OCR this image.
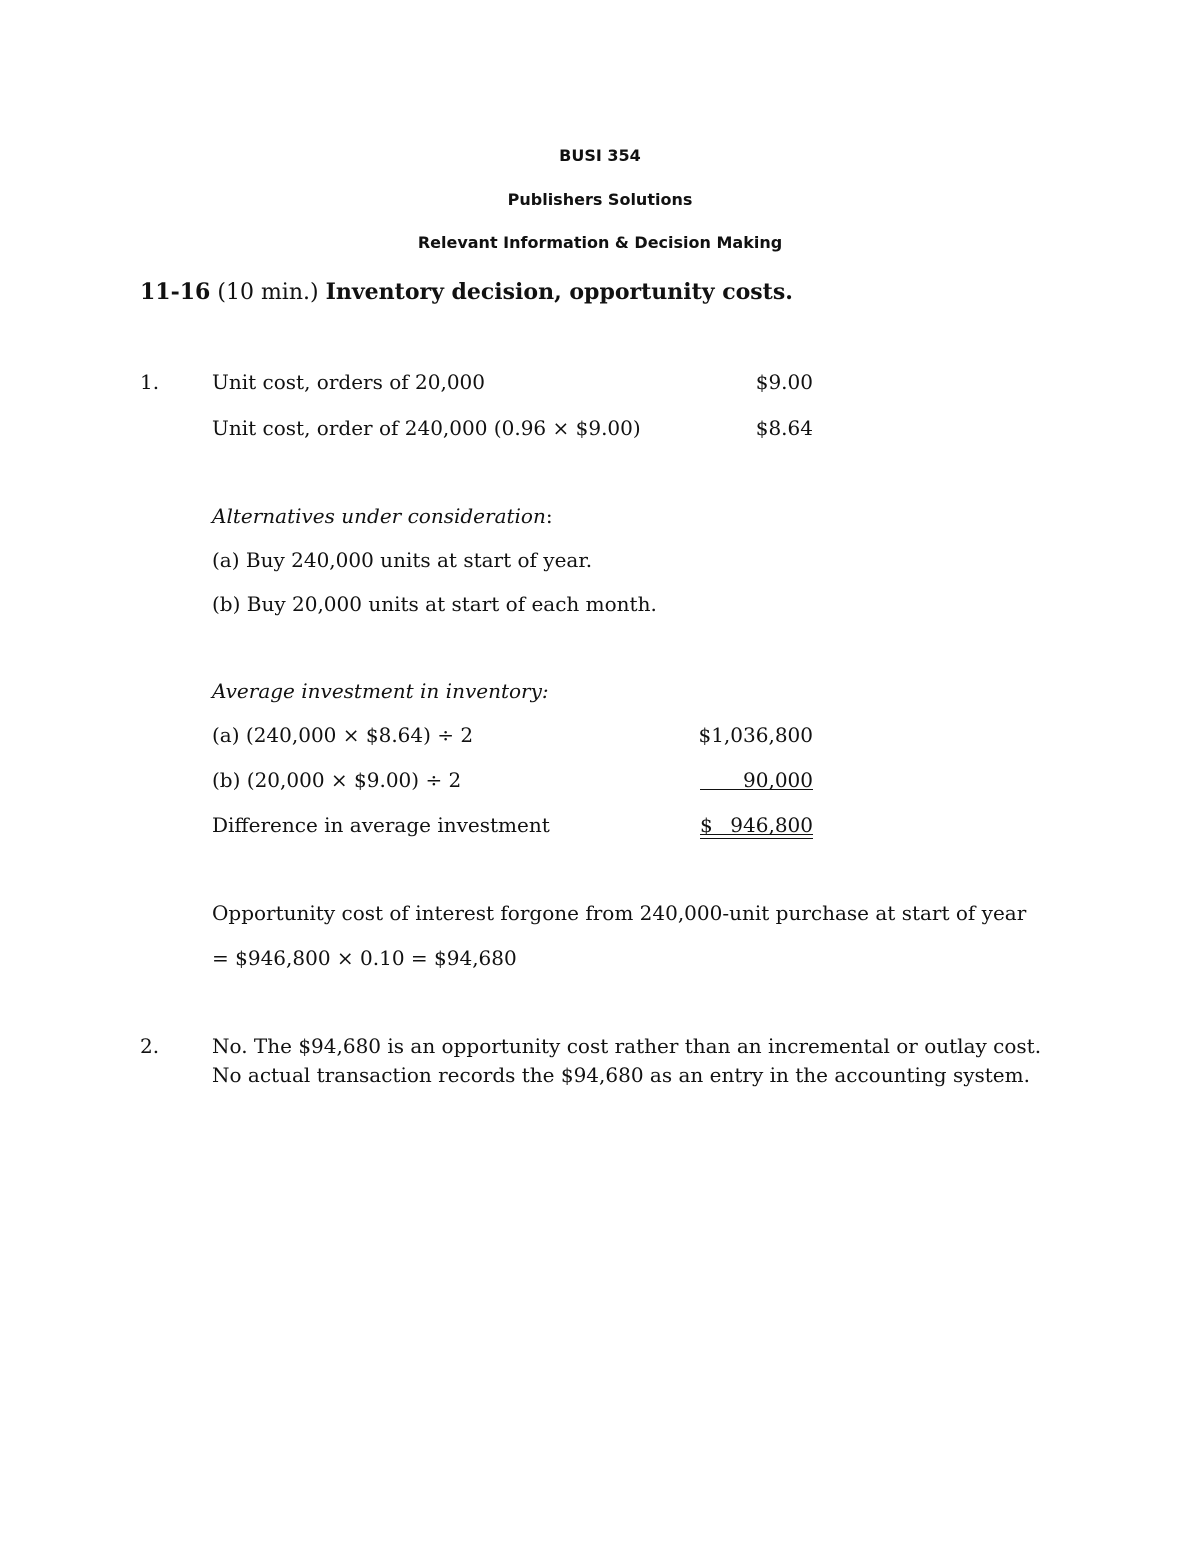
BUSI 354
Publishers Solutions
Relevant Information & Decision Making
11-16 (10 min.) Inventory decision, opportunity costs.
1.	Unit cost, orders of 20,000	$9.00
Unit cost, order of 240,000 (0.96 × $9.00)	$8.64
Alternatives under consideration:
(a) Buy 240,000 units at start of year.
(b) Buy 20,000 units at start of each month.
Average investment in inventory:
(a) (240,000 × $8.64) ÷ 2	$1,036,800
(b) (20,000 × $9.00) ÷ 2	90,000
Difference in average investment	$ 946,800
Opportunity cost of interest forgone from 240,000-unit purchase at start of year
= $946,800 × 0.10 = $94,680
2.	No. The $94,680 is an opportunity cost rather than an incremental or outlay cost.
No actual transaction records the $94,680 as an entry in the accounting system.
